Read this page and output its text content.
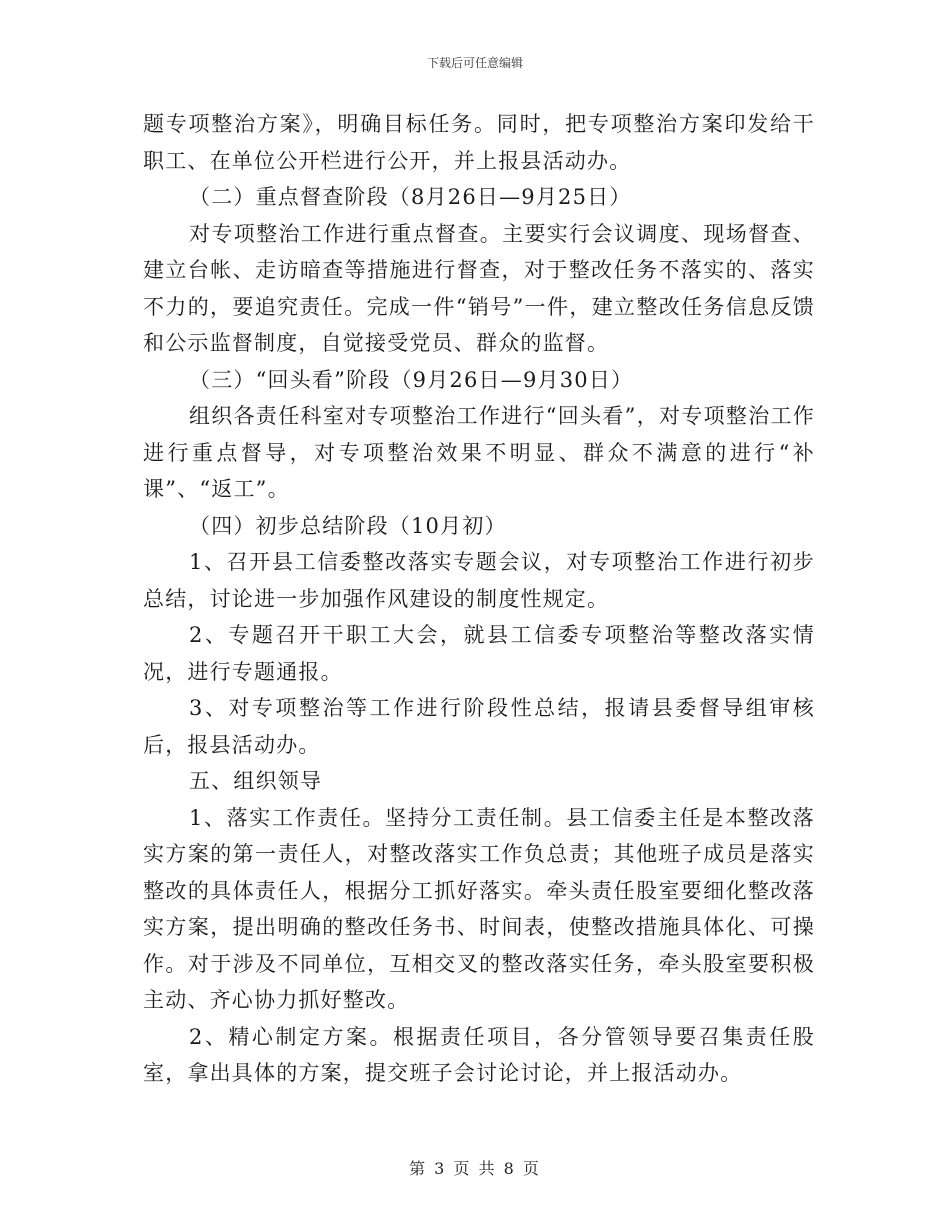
下载后可任意编辑

题专项整治方案》，明确目标任务。同时，把专项整治方案印发给干职工、在单位公开栏进行公开，并上报县活动办。

（二）重点督查阶段（8月26日—9月25日）

对专项整治工作进行重点督查。主要实行会议调度、现场督查、建立台帐、走访暗查等措施进行督查，对于整改任务不落实的、落实不力的，要追究责任。完成一件“销号”一件，建立整改任务信息反馈和公示监督制度，自觉接受党员、群众的监督。

（三）“回头看”阶段（9月26日—9月30日）

组织各责任科室对专项整治工作进行“回头看”，对专项整治工作进行重点督导，对专项整治效果不明显、群众不满意的进行“补课”、“返工”。

（四）初步总结阶段（10月初）

1、召开县工信委整改落实专题会议，对专项整治工作进行初步总结，讨论进一步加强作风建设的制度性规定。

2、专题召开干职工大会，就县工信委专项整治等整改落实情况，进行专题通报。

3、对专项整治等工作进行阶段性总结，报请县委督导组审核后，报县活动办。

五、组织领导

1、落实工作责任。坚持分工责任制。县工信委主任是本整改落实方案的第一责任人，对整改落实工作负总责；其他班子成员是落实整改的具体责任人，根据分工抓好落实。牵头责任股室要细化整改落实方案，提出明确的整改任务书、时间表，使整改措施具体化、可操作。对于涉及不同单位，互相交叉的整改落实任务，牵头股室要积极主动、齐心协力抓好整改。

2、精心制定方案。根据责任项目，各分管领导要召集责任股室，拿出具体的方案，提交班子会讨论讨论，并上报活动办。

第 3 页 共 8 页
